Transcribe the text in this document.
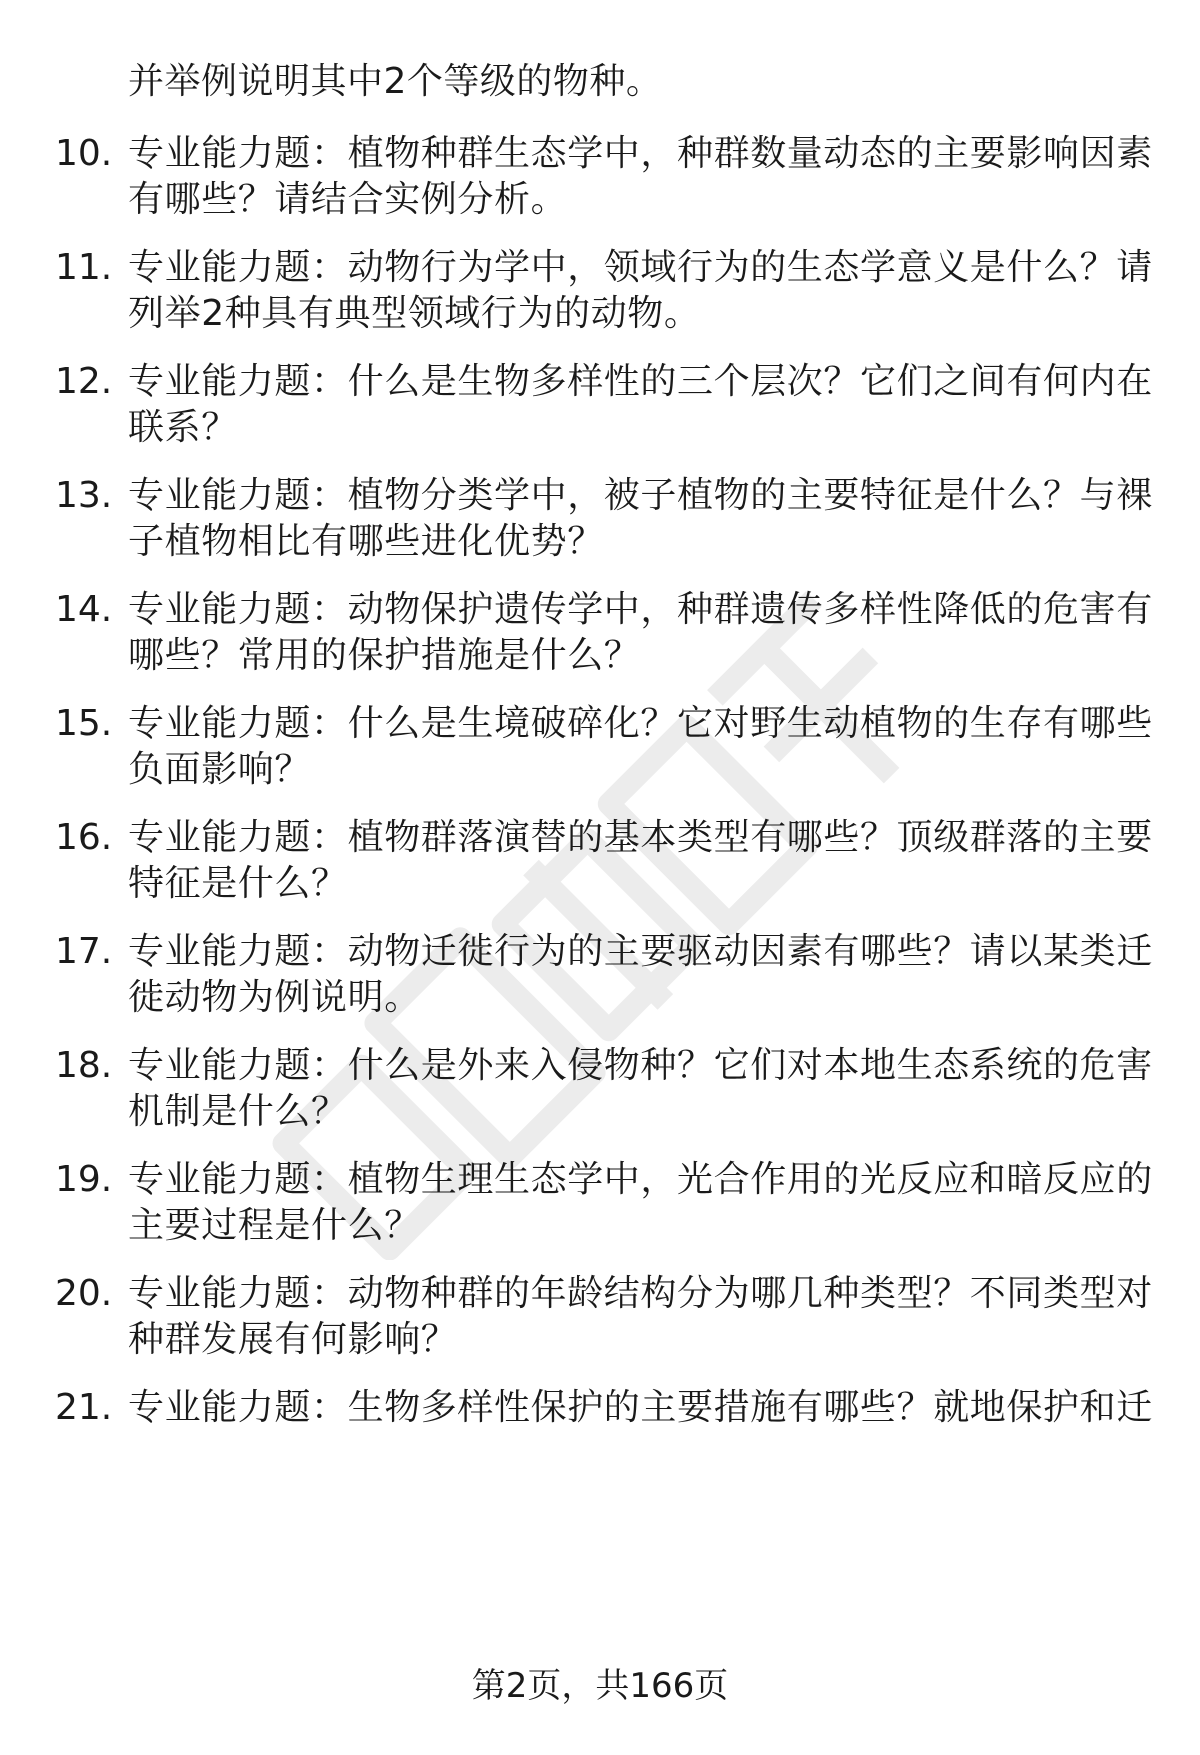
并举例说明其中2个等级的物种。
10. 专业能力题：植物种群生态学中，种群数量动态的主要影响因素
有哪些？请结合实例分析。
11. 专业能力题：动物行为学中，领域行为的生态学意义是什么？请
列举2种具有典型领域行为的动物。
12. 专业能力题：什么是生物多样性的三个层次？它们之间有何内在
联系？
13. 专业能力题：植物分类学中，被子植物的主要特征是什么？与裸
子植物相比有哪些进化优势？
14. 专业能力题：动物保护遗传学中，种群遗传多样性降低的危害有
哪些？常用的保护措施是什么？
15. 专业能力题：什么是生境破碎化？它对野生动植物的生存有哪些
负面影响？
16. 专业能力题：植物群落演替的基本类型有哪些？顶级群落的主要
特征是什么？
17. 专业能力题：动物迁徙行为的主要驱动因素有哪些？请以某类迁
徙动物为例说明。
18. 专业能力题：什么是外来入侵物种？它们对本地生态系统的危害
机制是什么？
19. 专业能力题：植物生理生态学中，光合作用的光反应和暗反应的
主要过程是什么？
20. 专业能力题：动物种群的年龄结构分为哪几种类型？不同类型对
种群发展有何影响？
21. 专业能力题：生物多样性保护的主要措施有哪些？就地保护和迁
第2页，共166页
